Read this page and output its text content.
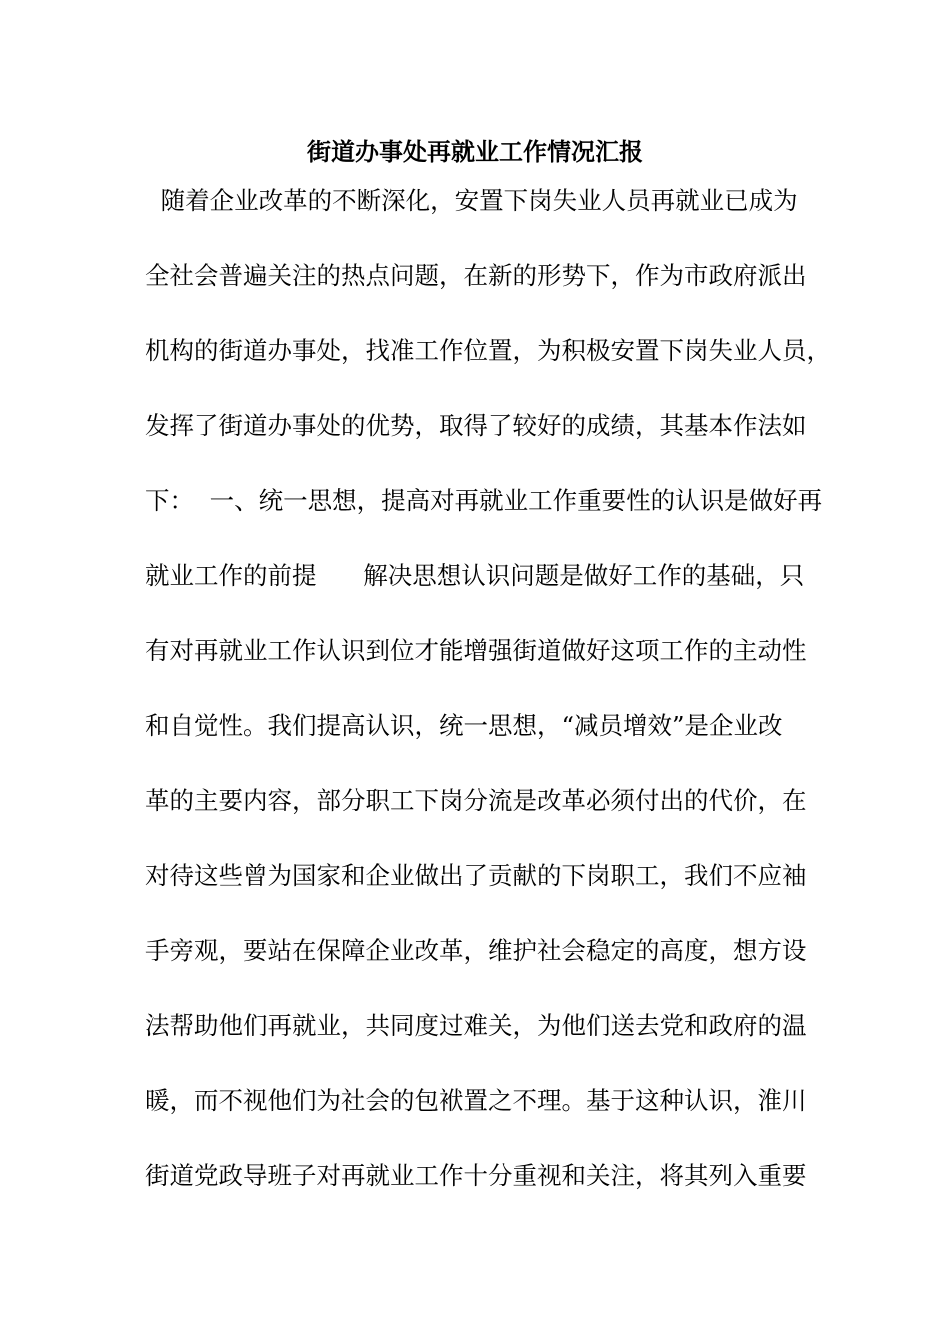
街道办事处再就业工作情况汇报
随着企业改革的不断深化，安置下岗失业人员再就业已成为
全社会普遍关注的热点问题，在新的形势下，作为市政府派出
机构的街道办事处，找准工作位置，为积极安置下岗失业人员，
发挥了街道办事处的优势，取得了较好的成绩，其基本作法如
下：  一、统一思想，提高对再就业工作重要性的认识是做好再
就业工作的前提      解决思想认识问题是做好工作的基础，只
有对再就业工作认识到位才能增强街道做好这项工作的主动性
和自觉性。我们提高认识，统一思想，“减员增效”是企业改
革的主要内容，部分职工下岗分流是改革必须付出的代价，在
对待这些曾为国家和企业做出了贡献的下岗职工，我们不应袖
手旁观，要站在保障企业改革，维护社会稳定的高度，想方设
法帮助他们再就业，共同度过难关，为他们送去党和政府的温
暖，而不视他们为社会的包袱置之不理。基于这种认识，淮川
街道党政导班子对再就业工作十分重视和关注，将其列入重要
